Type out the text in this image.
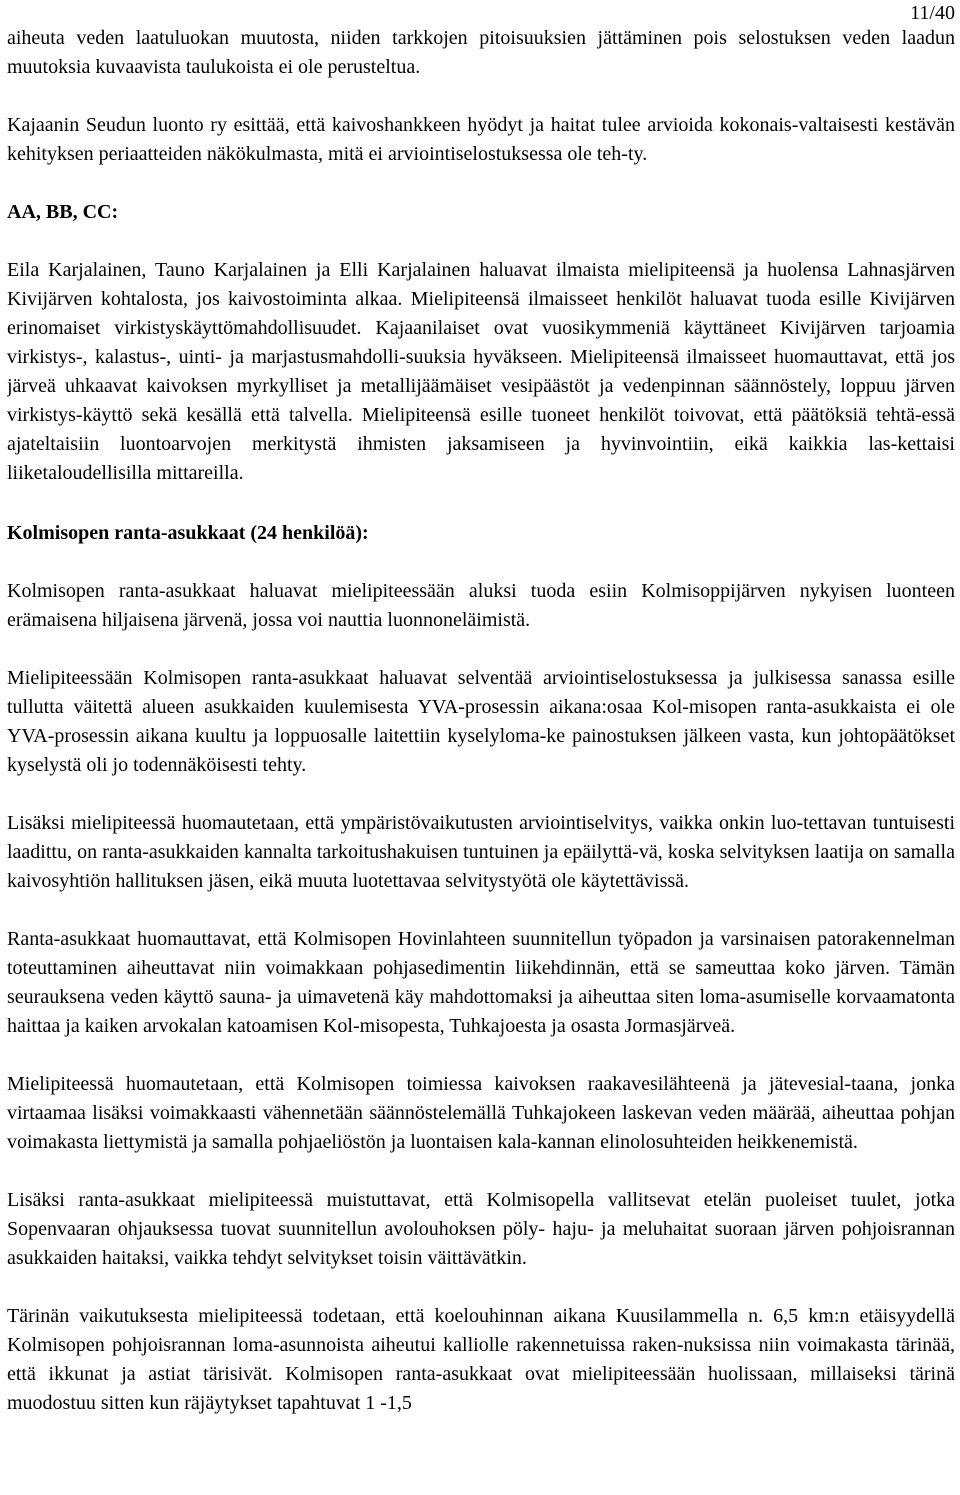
11/40

aiheuta veden laatuluokan muutosta, niiden tarkkojen pitoisuuksien jättäminen pois selostuksen veden laadun muutoksia kuvaavista taulukoista ei ole perusteltua.

Kajaanin Seudun luonto ry esittää, että kaivoshankkeen hyödyt ja haitat tulee arvioida kokonais-valtaisesti kestävän kehityksen periaatteiden näkökulmasta, mitä ei arviointiselostuksessa ole teh-ty.

AA, BB, CC:

Eila Karjalainen, Tauno Karjalainen ja Elli Karjalainen haluavat ilmaista mielipiteensä ja huolensa Lahnasjärven Kivijärven kohtalosta, jos kaivostoiminta alkaa. Mielipiteensä ilmaisseet henkilöt haluavat tuoda esille Kivijärven erinomaiset virkistyskäyttömahdollisuudet. Kajaanilaiset ovat vuosikymmeniä käyttäneet Kivijärven tarjoamia virkistys-, kalastus-, uinti- ja marjastusmahdolli-suuksia hyväkseen. Mielipiteensä ilmaisseet huomauttavat, että jos järveä uhkaavat kaivoksen myrkylliset ja metallijäämäiset vesipäästöt ja vedenpinnan säännöstely, loppuu järven virkistys-käyttö sekä kesällä että talvella. Mielipiteensä esille tuoneet henkilöt toivovat, että päätöksiä tehtä-essä ajateltaisiin luontoarvojen merkitystä ihmisten jaksamiseen ja hyvinvointiin, eikä kaikkia las-kettaisi liiketaloudellisilla mittareilla.

Kolmisopen ranta-asukkaat (24 henkilöä):

Kolmisopen ranta-asukkaat haluavat mielipiteessään aluksi tuoda esiin Kolmisoppijärven nykyisen luonteen erämaisena hiljaisena järvenä, jossa voi nauttia luonnoneläimistä.

Mielipiteessään Kolmisopen ranta-asukkaat haluavat selventää arviointiselostuksessa ja julkisessa sanassa esille tullutta väitettä alueen asukkaiden kuulemisesta YVA-prosessin aikana:osaa Kol-misopen ranta-asukkaista ei ole YVA-prosessin aikana kuultu ja loppuosalle laitettiin kyselyloma-ke painostuksen jälkeen vasta, kun johtopäätökset kyselystä oli jo todennäköisesti tehty.

Lisäksi mielipiteessä huomautetaan, että ympäristövaikutusten arviointiselvitys, vaikka onkin luo-tettavan tuntuisesti laadittu, on ranta-asukkaiden kannalta tarkoitushakuisen tuntuinen ja epäilyttä-vä, koska selvityksen laatija on samalla kaivosyhtiön hallituksen jäsen, eikä muuta luotettavaa selvitystyötä ole käytettävissä.

Ranta-asukkaat huomauttavat, että Kolmisopen Hovinlahteen suunnitellun työpadon ja varsinaisen patorakennelman toteuttaminen aiheuttavat niin voimakkaan pohjasedimentin liikehdinnän, että se sameuttaa koko järven. Tämän seurauksena veden käyttö sauna- ja uimavetenä käy mahdottomaksi ja aiheuttaa siten loma-asumiselle korvaamatonta haittaa ja kaiken arvokalan katoamisen Kol-misopesta, Tuhkajoesta ja osasta Jormasjärveä.

Mielipiteessä huomautetaan, että Kolmisopen toimiessa kaivoksen raakavesilähteenä ja jätevesial-taana, jonka virtaamaa lisäksi voimakkaasti vähennetään säännöstelemällä Tuhkajokeen laskevan veden määrää, aiheuttaa pohjan voimakasta liettymistä ja samalla pohjaeliöstön ja luontaisen kala-kannan elinolosuhteiden heikkenemistä.

Lisäksi ranta-asukkaat mielipiteessä muistuttavat, että Kolmisopella vallitsevat etelän puoleiset tuulet, jotka Sopenvaaran ohjauksessa tuovat suunnitellun avolouhoksen pöly- haju- ja meluhaitat suoraan järven pohjoisrannan asukkaiden haitaksi, vaikka tehdyt selvitykset toisin väittävätkin.

Tärinän vaikutuksesta mielipiteessä todetaan, että koelouhinnan aikana Kuusilammella n. 6,5 km:n etäisyydellä Kolmisopen pohjoisrannan loma-asunnoista aiheutui kalliolle rakennetuissa raken-nuksissa niin voimakasta tärinää, että ikkunat ja astiat tärisivät. Kolmisopen ranta-asukkaat ovat mielipiteessään huolissaan, millaiseksi tärinä muodostuu sitten kun räjäytykset tapahtuvat 1 -1,5
